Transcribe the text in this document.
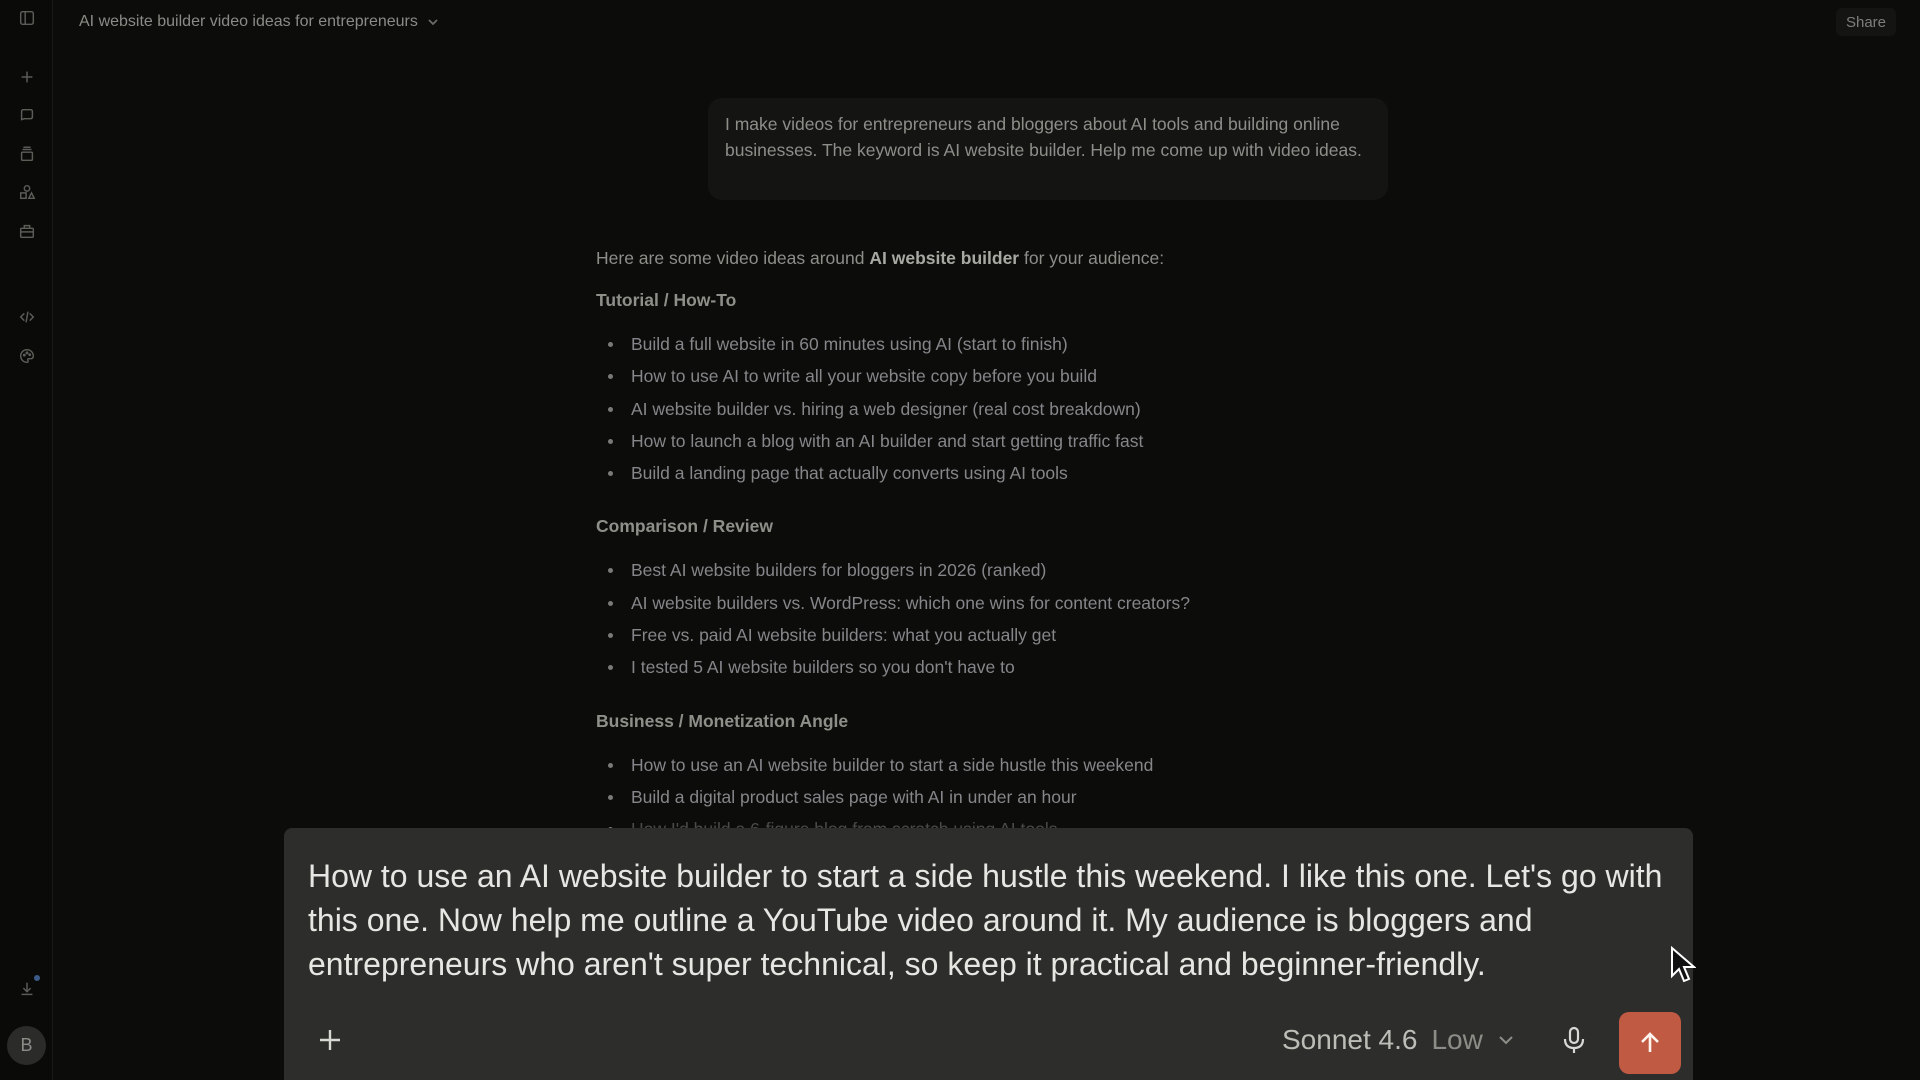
B
AI website builder video ideas for entrepreneurs	Share
I make videos for entrepreneurs and bloggers about AI tools and building online businesses. The keyword is AI website builder. Help me come up with video ideas.
Here are some video ideas around AI website builder for your audience:
Tutorial / How-To
Build a full website in 60 minutes using AI (start to finish)
How to use AI to write all your website copy before you build
AI website builder vs. hiring a web designer (real cost breakdown)
How to launch a blog with an AI builder and start getting traffic fast
Build a landing page that actually converts using AI tools
Comparison / Review
Best AI website builders for bloggers in 2026 (ranked)
AI website builders vs. WordPress: which one wins for content creators?
Free vs. paid AI website builders: what you actually get
I tested 5 AI website builders so you don't have to
Business / Monetization Angle
How to use an AI website builder to start a side hustle this weekend
Build a digital product sales page with AI in under an hour
How to use an AI website builder to start a side hustle this weekend. I like this one. Let's go with this one. Now help me outline a YouTube video around it. My audience is bloggers and entrepreneurs who aren't super technical, so keep it practical and beginner-friendly.
Sonnet 4.6 Low
